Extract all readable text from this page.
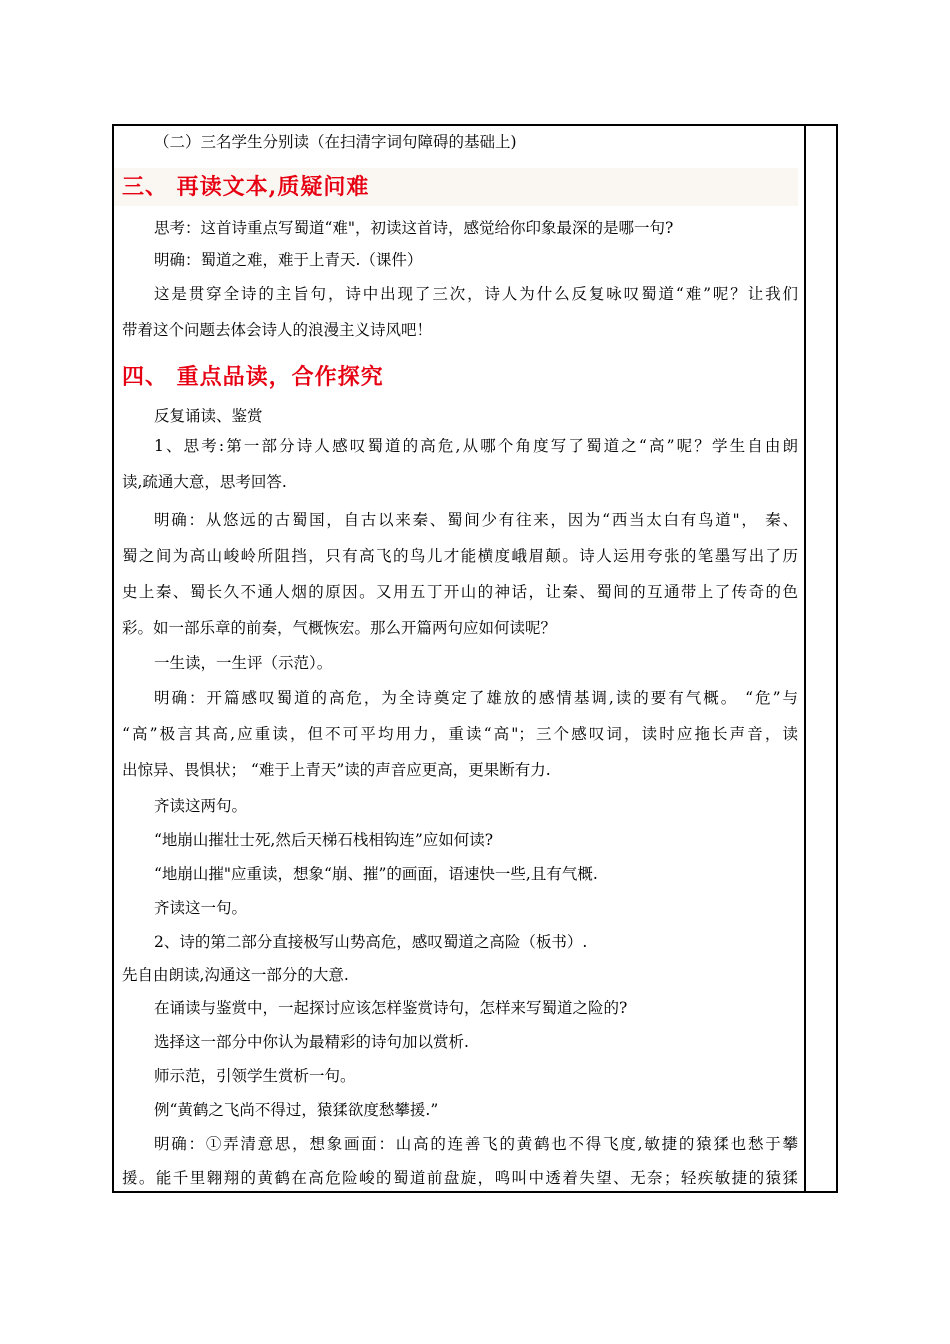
（二）三名学生分别读（在扫清字词句障碍的基础上)
三、 再读文本,质疑问难
思考：这首诗重点写蜀道“难"，初读这首诗，感觉给你印象最深的是哪一句?
明确：蜀道之难，难于上青天.（课件）
这是贯穿全诗的主旨句，诗中出现了三次，诗人为什么反复咏叹蜀道“难”呢？让我们
带着这个问题去体会诗人的浪漫主义诗风吧！
四、 重点品读，合作探究
反复诵读、鉴赏
1、思考:第一部分诗人感叹蜀道的高危,从哪个角度写了蜀道之“高”呢？学生自由朗
读,疏通大意，思考回答.
明确：从悠远的古蜀国，自古以来秦、蜀间少有往来，因为“西当太白有鸟道"， 秦、
蜀之间为高山峻岭所阻挡，只有高飞的鸟儿才能横度峨眉颠。诗人运用夸张的笔墨写出了历
史上秦、蜀长久不通人烟的原因。又用五丁开山的神话，让秦、蜀间的互通带上了传奇的色
彩。如一部乐章的前奏，气概恢宏。那么开篇两句应如何读呢？
一生读，一生评（示范）。
明确：开篇感叹蜀道的高危，为全诗奠定了雄放的感情基调,读的要有气概。 “危”与
“高”极言其高,应重读，但不可平均用力，重读“高"；三个感叹词，读时应拖长声音，读
出惊异、畏惧状； “难于上青天”读的声音应更高，更果断有力.
齐读这两句。
“地崩山摧壮士死,然后天梯石栈相钩连”应如何读?
“地崩山摧"应重读，想象“崩、摧”的画面，语速快一些,且有气概.
齐读这一句。
2、诗的第二部分直接极写山势高危，感叹蜀道之高险（板书）.
先自由朗读,沟通这一部分的大意.
在诵读与鉴赏中，一起探讨应该怎样鉴赏诗句，怎样来写蜀道之险的?
选择这一部分中你认为最精彩的诗句加以赏析.
师示范，引领学生赏析一句。
例“黄鹤之飞尚不得过，猿猱欲度愁攀援.”
明确：①弄清意思，想象画面：山高的连善飞的黄鹤也不得飞度,敏捷的猿猱也愁于攀
援。能千里翱翔的黄鹤在高危险峻的蜀道前盘旋，鸣叫中透着失望、无奈；轻疾敏捷的猿猱
